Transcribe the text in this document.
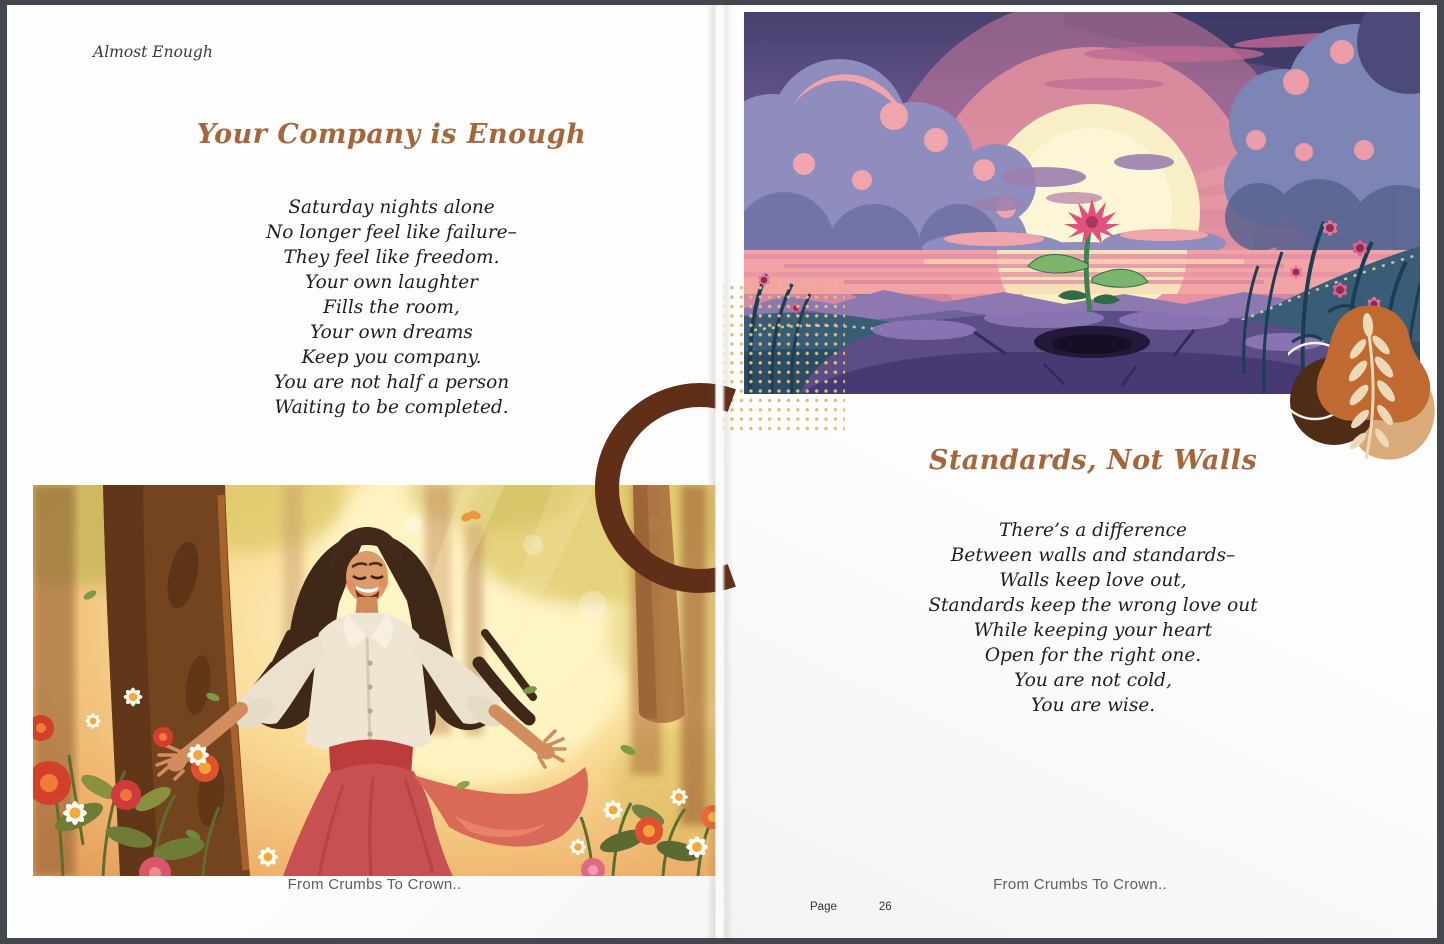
Almost Enough
Your Company is Enough
Saturday nights alone
No longer feel like failure–
They feel like freedom.
Your own laughter
Fills the room,
Your own dreams
Keep you company.
You are not half a person
Waiting to be completed.
From Crumbs To Crown..
Standards, Not Walls
There’s a difference
Between walls and standards–
Walls keep love out,
Standards keep the wrong love out
While keeping your heart
Open for the right one.
You are not cold,
You are wise.
From Crumbs To Crown..
Page	26
